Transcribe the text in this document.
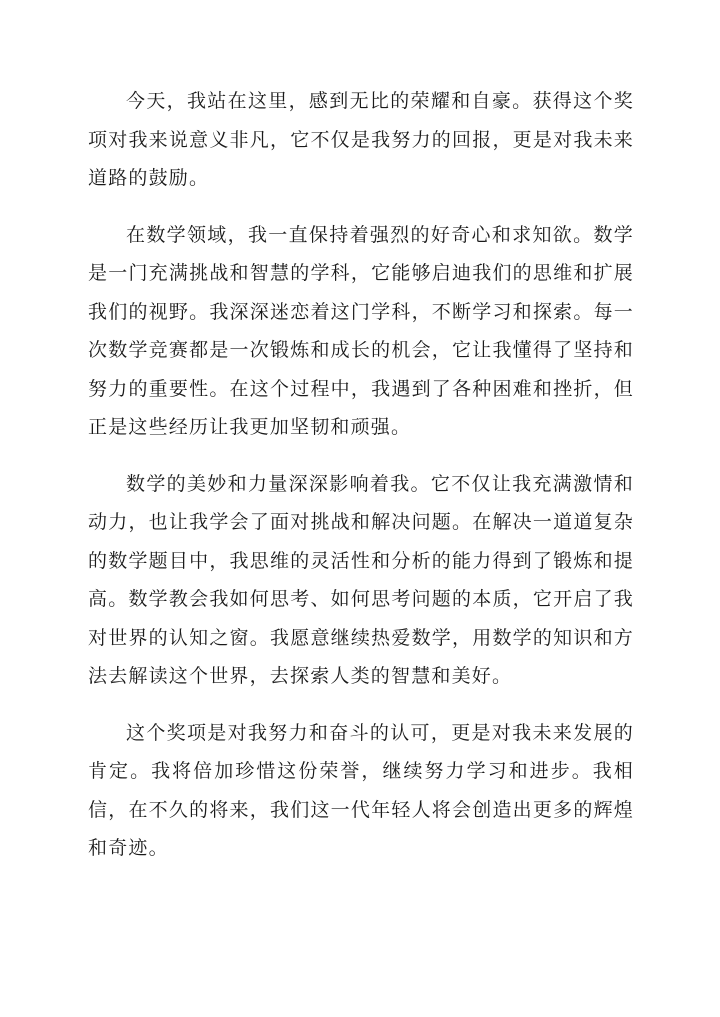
今天，我站在这里，感到无比的荣耀和自豪。获得这个奖项对我来说意义非凡，它不仅是我努力的回报，更是对我未来道路的鼓励。

在数学领域，我一直保持着强烈的好奇心和求知欲。数学是一门充满挑战和智慧的学科，它能够启迪我们的思维和扩展我们的视野。我深深迷恋着这门学科，不断学习和探索。每一次数学竞赛都是一次锻炼和成长的机会，它让我懂得了坚持和努力的重要性。在这个过程中，我遇到了各种困难和挫折，但正是这些经历让我更加坚韧和顽强。

数学的美妙和力量深深影响着我。它不仅让我充满激情和动力，也让我学会了面对挑战和解决问题。在解决一道道复杂的数学题目中，我思维的灵活性和分析的能力得到了锻炼和提高。数学教会我如何思考、如何思考问题的本质，它开启了我对世界的认知之窗。我愿意继续热爱数学，用数学的知识和方法去解读这个世界，去探索人类的智慧和美好。

这个奖项是对我努力和奋斗的认可，更是对我未来发展的肯定。我将倍加珍惜这份荣誉，继续努力学习和进步。我相信，在不久的将来，我们这一代年轻人将会创造出更多的辉煌和奇迹。
